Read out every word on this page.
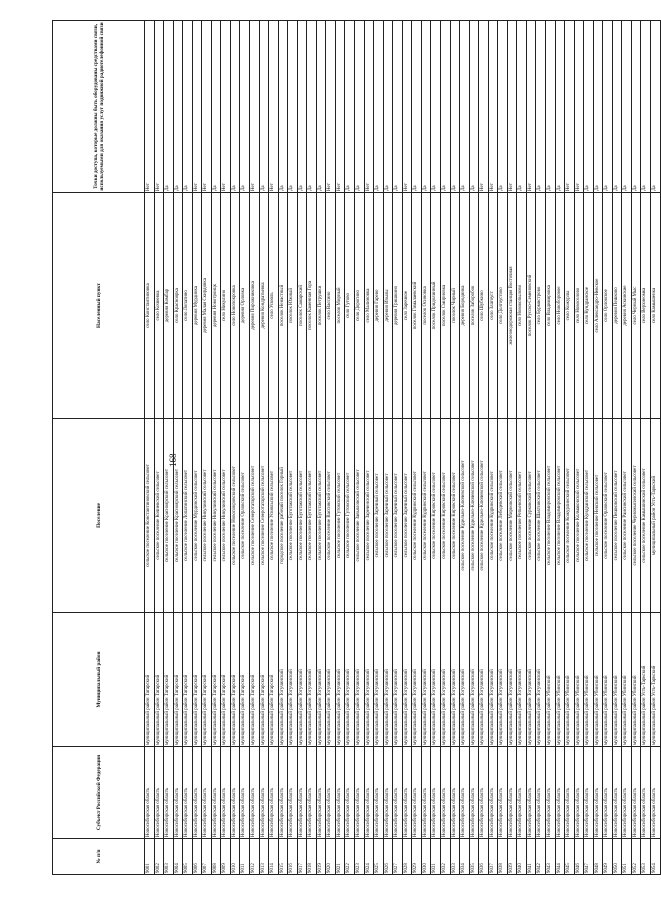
168
№ п/п	Субъект Российской Федерации	Муниципальный район	Поселение	Населенный пункт	Точки доступа, которые должны быть оборудованы средствами связи, используемыми для оказания услуг подвижной радиотелефонной связи
9001	Новосибирская область	муниципальный район Татарский	сельское поселение Константиновский сельсовет	село Константиновка	Нет
9002	Новосибирская область	муниципальный район Татарский	сельское поселение Кочневский сельсовет	село Кочневка	Нет
9003	Новосибирская область	муниципальный район Татарский	сельское поселение Красноярский сельсовет	деревня Комбар	Да
9004	Новосибирская область	муниципальный район Татарский	сельское поселение Красноярский сельсовет	село Красноярка	Да
9005	Новосибирская область	муниципальный район Татарский	сельское поселение Лопатинский сельсовет	село Лопатино	Да
9006	Новосибирская область	муниципальный район Татарский	сельское поселение Мурдинский сельсовет	деревня Мурдинка	Нет
9007	Новосибирская область	муниципальный район Татарский	сельское поселение Никулинский сельсовет	деревня Малая Скирдянка	Нет
9008	Новосибирская область	муниципальный район Татарский	сельское поселение Никулинский сельсовет	деревня Новотроицк	Да
9009	Новосибирская область	муниципальный район Татарский	сельское поселение Никулинский сельсовет	село Никулино	Нет
9010	Новосибирская область	муниципальный район Татарский	сельское поселение Новопокровский сельсовет	село Новопокровка	Да
9011	Новосибирская область	муниципальный район Татарский	сельское поселение Орловский сельсовет	деревня Орловка	Да
9012	Новосибирская область	муниципальный район Татарский	сельское поселение Северотатарский сельсовет	деревня Пирожниковка	Нет
9013	Новосибирская область	муниципальный район Татарский	сельское поселение Северотатарский сельсовет	деревня Кондратьевка	Да
9014	Новосибирская область	муниципальный район Татарский	сельское поселение Ускюльский сельсовет	село Ускюль	Нет
9015	Новосибирская область	муниципальный район Тогучинский	городское поселение рабочий поселок Горный	поселок Ненастный	Да
9016	Новосибирская область	муниципальный район Тогучинский	сельское поселение Буготакский сельсовет	поселок Южный	Да
9017	Новосибирская область	муниципальный район Тогучинский	сельское поселение Буготакский сельсовет	поселок Самарский	Да
9018	Новосибирская область	муниципальный район Тогучинский	сельское поселение Буготакский сельсовет	поселок Каменная Гора	Да
9019	Новосибирская область	муниципальный район Тогучинский	сельское поселение Буготакский сельсовет	поселок Петрушки	Да
9020	Новосибирская область	муниципальный район Тогучинский	сельское поселение Вассинский сельсовет	село Вассино	Нет
9021	Новосибирская область	муниципальный район Тогучинский	сельское поселение Гутовский сельсовет	поселок Мирный	Нет
9022	Новосибирская область	муниципальный район Тогучинский	сельское поселение Гутовский сельсовет	село Гутово	Да
9023	Новосибирская область	муниципальный район Тогучинский	сельское поселение Завьяловский сельсовет	село Дорогино	Да
9024	Новосибирская область	муниципальный район Тогучинский	сельское поселение Зареченский сельсовет	село Малиновка	Нет
9025	Новосибирская область	муниципальный район Тогучинский	сельское поселение Заречный сельсовет	деревня Гарево	Да
9026	Новосибирская область	муниципальный район Тогучинский	сельское поселение Заречный сельсовет	деревня Изылы	Да
9027	Новосибирская область	муниципальный район Тогучинский	сельское поселение Заречный сельсовет	деревня Гришкино	Да
9028	Новосибирская область	муниципальный район Тогучинский	сельское поселение Заречный сельсовет	село Заречное	Нет
9029	Новосибирская область	муниципальный район Тогучинский	сельское поселение Кудринский сельсовет	поселок Гималаевский	Да
9030	Новосибирская область	муниципальный район Тогучинский	сельское поселение Кудринский сельсовет	поселок Осиновка	Да
9031	Новосибирская область	муниципальный район Тогучинский	сельское поселение Кировский сельсовет	поселок Придолинный	Да
9032	Новосибирская область	муниципальный район Тогучинский	сельское поселение Кировский сельсовет	поселок Смирновка	Да
9033	Новосибирская область	муниципальный район Тогучинский	сельское поселение Кировский сельсовет	поселок Чирный	Да
9034	Новосибирская область	муниципальный район Тогучинский	сельское поселение Кудельно-Ключевской сельсовет	деревня Бородинка	Да
9035	Новосибирская область	муниципальный район Тогучинский	сельское поселение Кудельно-Ключевской сельсовет	поселок Заборобок	Да
9036	Новосибирская область	муниципальный район Тогучинский	сельское поселение Кудельно-Ключевской сельсовет	село Шубкино	Нет
9037	Новосибирская область	муниципальный район Тогучинский	сельское поселение Кудринский сельсовет	село Златоуст	Нет
9038	Новосибирская область	муниципальный район Тогучинский	сельское поселение Лебедевский сельсовет	село Долгоустово	Да
9039	Новосибирская область	муниципальный район Тогучинский	сельское поселение Мирновский сельсовет	железнодорожная станция Восточная	Нет
9040	Новосибирская область	муниципальный район Тогучинский	сельское поселение Репьевский сельсовет	село Новокопылово	Да
9041	Новосибирская область	муниципальный район Тогучинский	сельское поселение Сурковский сельсовет	поселок Русско-Семеновский	Нет
9042	Новосибирская область	муниципальный район Тогучинский	сельское поселение Шахтинский сельсовет	село Бурмистрово	Да
9043	Новосибирская область	муниципальный район Убинский	сельское поселение Владимировский сельсовет	село Владимировка	Да
9044	Новосибирская область	муниципальный район Убинский	сельское поселение Владимировский сельсовет	село Новоборовое	Да
9045	Новосибирская область	муниципальный район Убинский	сельское поселение Кожурлинский сельсовет	село Кожурлы	Нет
9046	Новосибирская область	муниципальный район Убинский	сельское поселение Колмаковский сельсовет	село Новоселово	Нет
9047	Новосибирская область	муниципальный район Убинский	сельское поселение Кундранский сельсовет	село Кундранское	Да
9048	Новосибирская область	муниципальный район Убинский	сельское поселение Невский сельсовет	село Александро-Невское	Да
9049	Новосибирская область	муниципальный район Убинский	сельское поселение Орловский сельсовет	село Орловское	Да
9050	Новосибирская область	муниципальный район Убинский	сельское поселение Пешковский сельсовет	деревня Пешково	Да
9051	Новосибирская область	муниципальный район Убинский	сельское поселение Раисинский сельсовет	деревня Аскинские	Да
9052	Новосибирская область	муниципальный район Убинский	сельское поселение Черномысинский сельсовет	село Черный Мыс	Да
9053	Новосибирская область	муниципальный район Усть-Таркский	сельское поселение Камышинский сельсовет	село Верхнеомка	Да
9054	Новосибирская область	муниципальный район Усть-Таркский	муниципальный район Усть-Таркский	село Камышенка	Да
